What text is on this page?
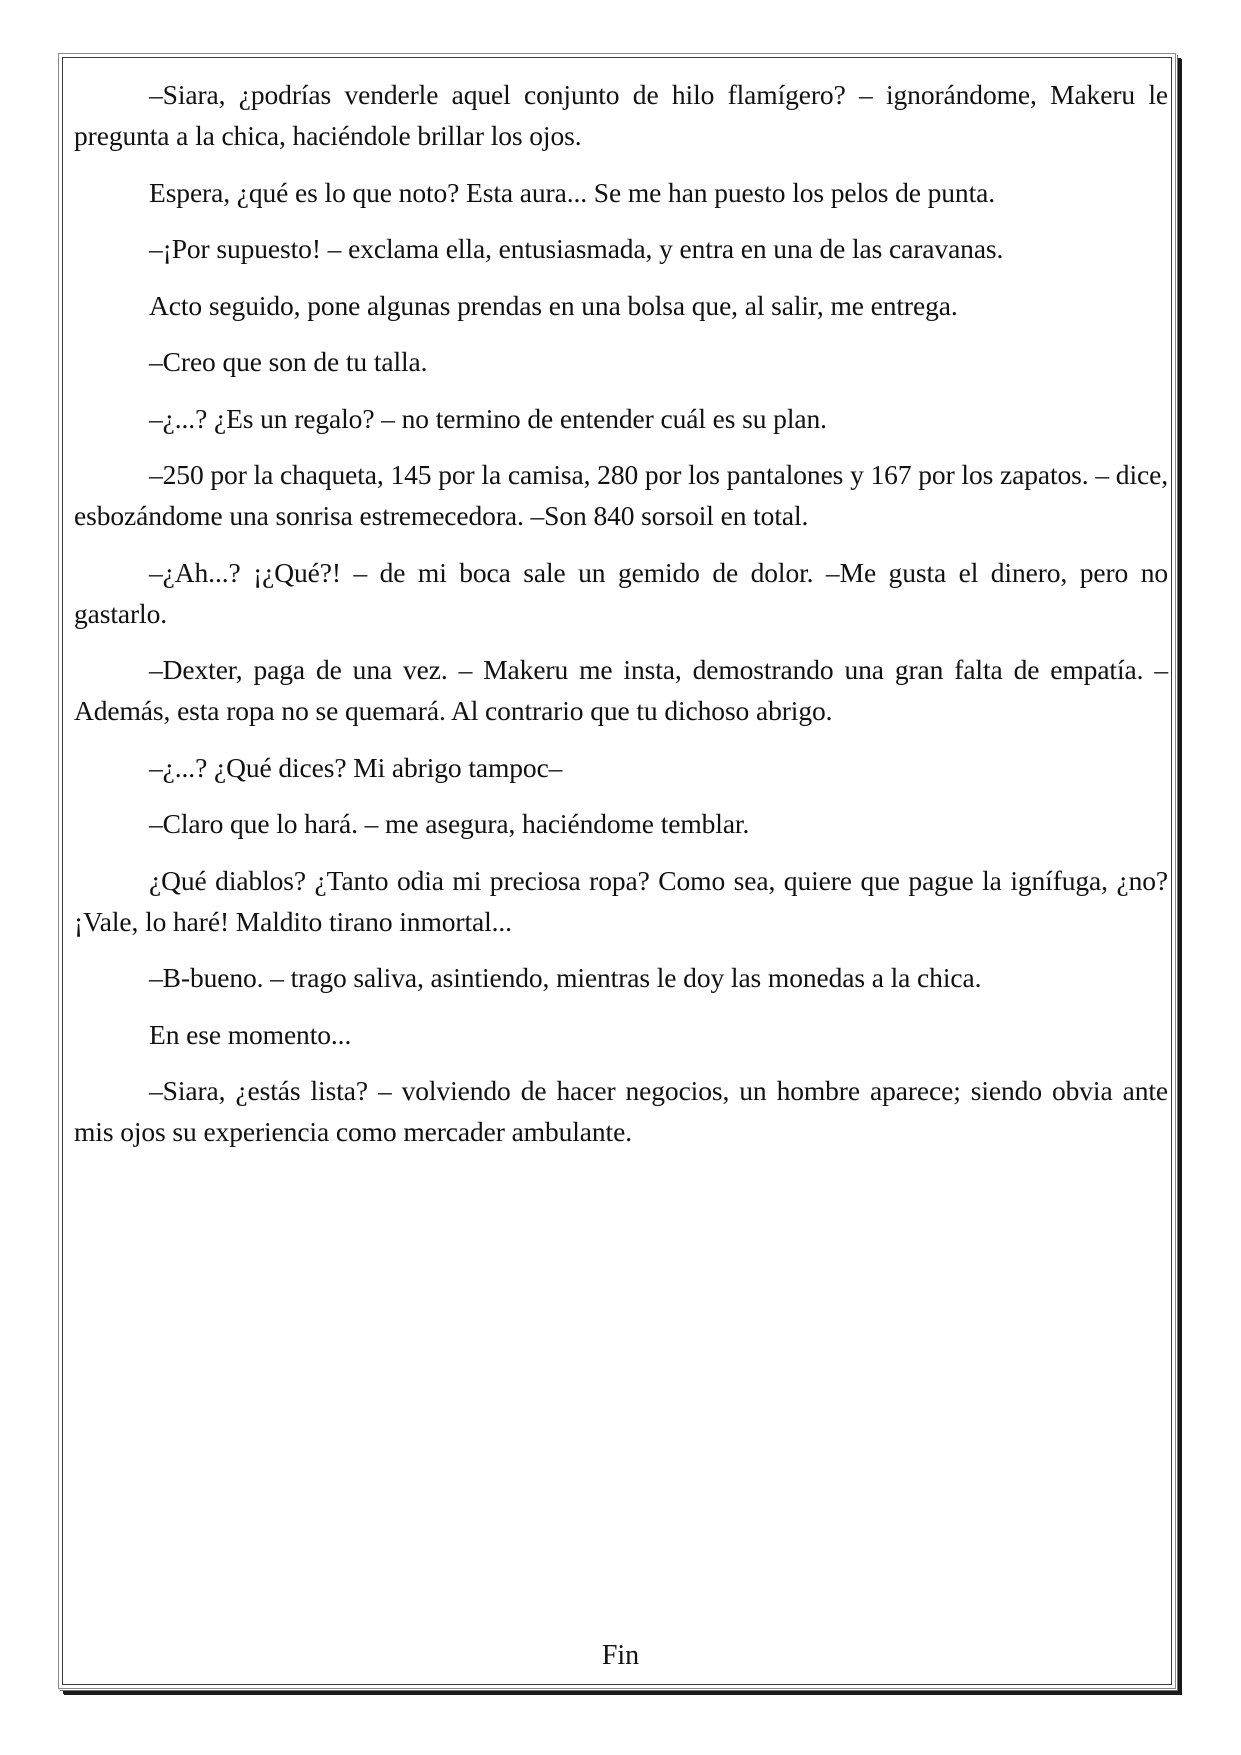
–Siara, ¿podrías venderle aquel conjunto de hilo flamígero? – ignorándome, Makeru le pregunta a la chica, haciéndole brillar los ojos.

Espera, ¿qué es lo que noto? Esta aura... Se me han puesto los pelos de punta.

–¡Por supuesto! – exclama ella, entusiasmada, y entra en una de las caravanas.

Acto seguido, pone algunas prendas en una bolsa que, al salir, me entrega.

–Creo que son de tu talla.

–¿...? ¿Es un regalo? – no termino de entender cuál es su plan.

–250 por la chaqueta, 145 por la camisa, 280 por los pantalones y 167 por los zapatos. – dice, esbozándome una sonrisa estremecedora. –Son 840 sorsoil en total.

–¿Ah...? ¡¿Qué?! – de mi boca sale un gemido de dolor. –Me gusta el dinero, pero no gastarlo.

–Dexter, paga de una vez. – Makeru me insta, demostrando una gran falta de empatía. –Además, esta ropa no se quemará. Al contrario que tu dichoso abrigo.

–¿...? ¿Qué dices? Mi abrigo tampoc–

–Claro que lo hará. – me asegura, haciéndome temblar.

¿Qué diablos? ¿Tanto odia mi preciosa ropa? Como sea, quiere que pague la ignífuga, ¿no? ¡Vale, lo haré! Maldito tirano inmortal...

–B-bueno. – trago saliva, asintiendo, mientras le doy las monedas a la chica.

En ese momento...

–Siara, ¿estás lista? – volviendo de hacer negocios, un hombre aparece; siendo obvia ante mis ojos su experiencia como mercader ambulante.

Fin
